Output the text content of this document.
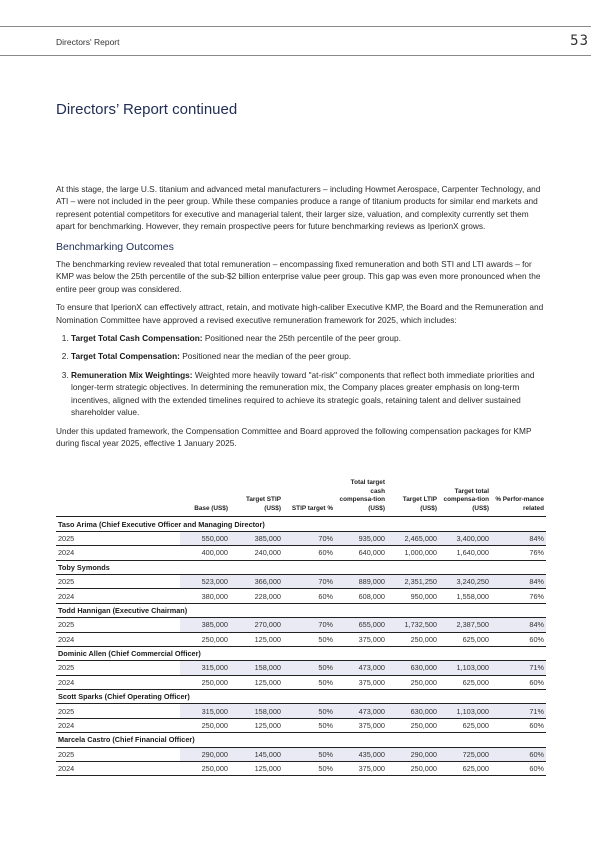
Directors' Report	53
Directors’ Report continued

At this stage, the large U.S. titanium and advanced metal manufacturers – including Howmet Aerospace, Carpenter Technology, and ATI – were not included in the peer group. While these companies produce a range of titanium products for similar end markets and represent potential competitors for executive and managerial talent, their larger size, valuation, and complexity currently set them apart for benchmarking. However, they remain prospective peers for future benchmarking reviews as IperionX grows.

Benchmarking Outcomes

The benchmarking review revealed that total remuneration – encompassing fixed remuneration and both STI and LTI awards – for KMP was below the 25th percentile of the sub-$2 billion enterprise value peer group. This gap was even more pronounced when the entire peer group was considered.

To ensure that IperionX can effectively attract, retain, and motivate high-caliber Executive KMP, the Board and the Remuneration and Nomination Committee have approved a revised executive remuneration framework for 2025, which includes:

1. Target Total Cash Compensation: Positioned near the 25th percentile of the peer group.
2. Target Total Compensation: Positioned near the median of the peer group.
3. Remuneration Mix Weightings: Weighted more heavily toward "at-risk" components that reflect both immediate priorities and longer-term strategic objectives. In determining the remuneration mix, the Company places greater emphasis on long-term incentives, aligned with the extended timelines required to achieve its strategic goals, retaining talent and deliver sustained shareholder value.

Under this updated framework, the Compensation Committee and Board approved the following compensation packages for KMP during fiscal year 2025, effective 1 January 2025.

	Base (US$)	Target STIP (US$)	STIP target %	Total target cash compensa-tion (US$)	Target LTIP (US$)	Target total compensa-tion (US$)	% Perfor-mance related
Taso Arima (Chief Executive Officer and Managing Director)							
2025	550,000	385,000	70%	935,000	2,465,000	3,400,000	84%
2024	400,000	240,000	60%	640,000	1,000,000	1,640,000	76%
Toby Symonds							
2025	523,000	366,000	70%	889,000	2,351,250	3,240,250	84%
2024	380,000	228,000	60%	608,000	950,000	1,558,000	76%
Todd Hannigan (Executive Chairman)							
2025	385,000	270,000	70%	655,000	1,732,500	2,387,500	84%
2024	250,000	125,000	50%	375,000	250,000	625,000	60%
Dominic Allen (Chief Commercial Officer)							
2025	315,000	158,000	50%	473,000	630,000	1,103,000	71%
2024	250,000	125,000	50%	375,000	250,000	625,000	60%
Scott Sparks (Chief Operating Officer)							
2025	315,000	158,000	50%	473,000	630,000	1,103,000	71%
2024	250,000	125,000	50%	375,000	250,000	625,000	60%
Marcela Castro (Chief Financial Officer)							
2025	290,000	145,000	50%	435,000	290,000	725,000	60%
2024	250,000	125,000	50%	375,000	250,000	625,000	60%
